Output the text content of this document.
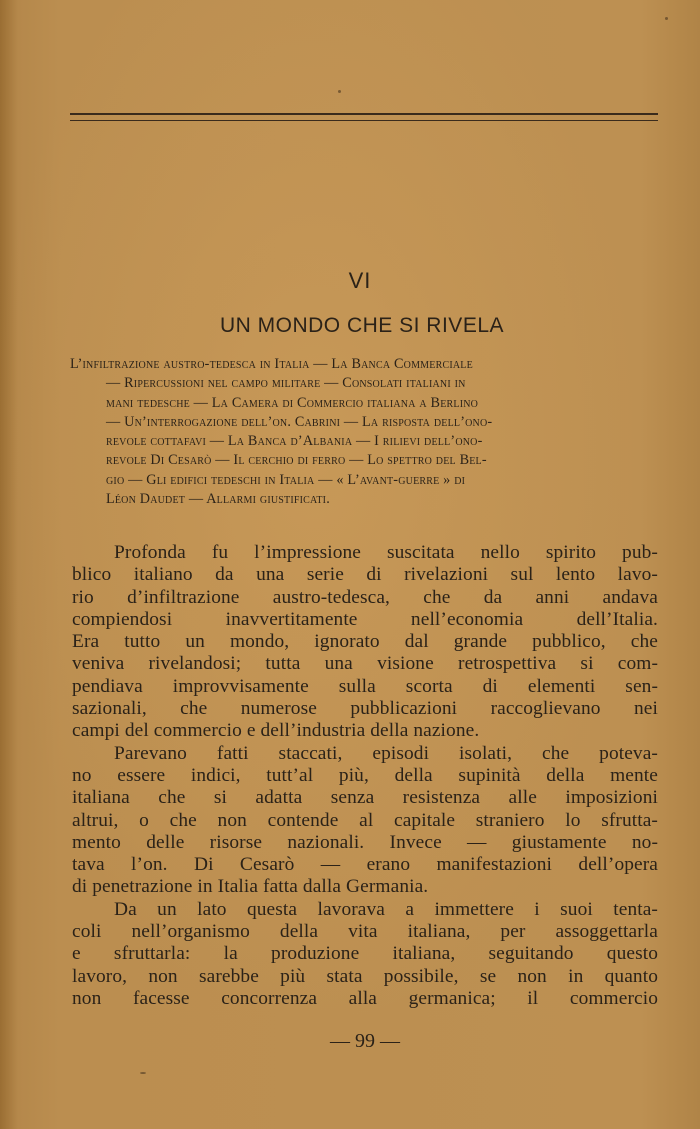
VI
UN MONDO CHE SI RIVELA
L’infiltrazione austro-tedesca in Italia — La Banca Commerciale
— Ripercussioni nel campo militare — Consolati italiani in
mani tedesche — La Camera di Commercio italiana a Berlino
— Un’interrogazione dell’on. Cabrini — La risposta dell’ono-
revole cottafavi — La Banca d’Albania — I rilievi dell’ono-
revole Di Cesarò — Il cerchio di ferro — Lo spettro del Bel-
gio — Gli edifici tedeschi in Italia — « L’avant-guerre » di
Léon Daudet — Allarmi giustificati.
Profonda fu l’impressione suscitata nello spirito pub-
blico italiano da una serie di rivelazioni sul lento lavo-
rio d’infiltrazione austro-tedesca, che da anni andava
compiendosi inavvertitamente nell’economia dell’Italia.
Era tutto un mondo, ignorato dal grande pubblico, che
veniva rivelandosi; tutta una visione retrospettiva si com-
pendiava improvvisamente sulla scorta di elementi sen-
sazionali, che numerose pubblicazioni raccoglievano nei
campi del commercio e dell’industria della nazione.
Parevano fatti staccati, episodi isolati, che poteva-
no essere indici, tutt’al più, della supinità della mente
italiana che si adatta senza resistenza alle imposizioni
altrui, o che non contende al capitale straniero lo sfrutta-
mento delle risorse nazionali. Invece — giustamente no-
tava l’on. Di Cesarò — erano manifestazioni dell’opera
di penetrazione in Italia fatta dalla Germania.
Da un lato questa lavorava a immettere i suoi tenta-
coli nell’organismo della vita italiana, per assoggettarla
e sfruttarla: la produzione italiana, seguitando questo
lavoro, non sarebbe più stata possibile, se non in quanto
non facesse concorrenza alla germanica; il commercio
— 99 —
